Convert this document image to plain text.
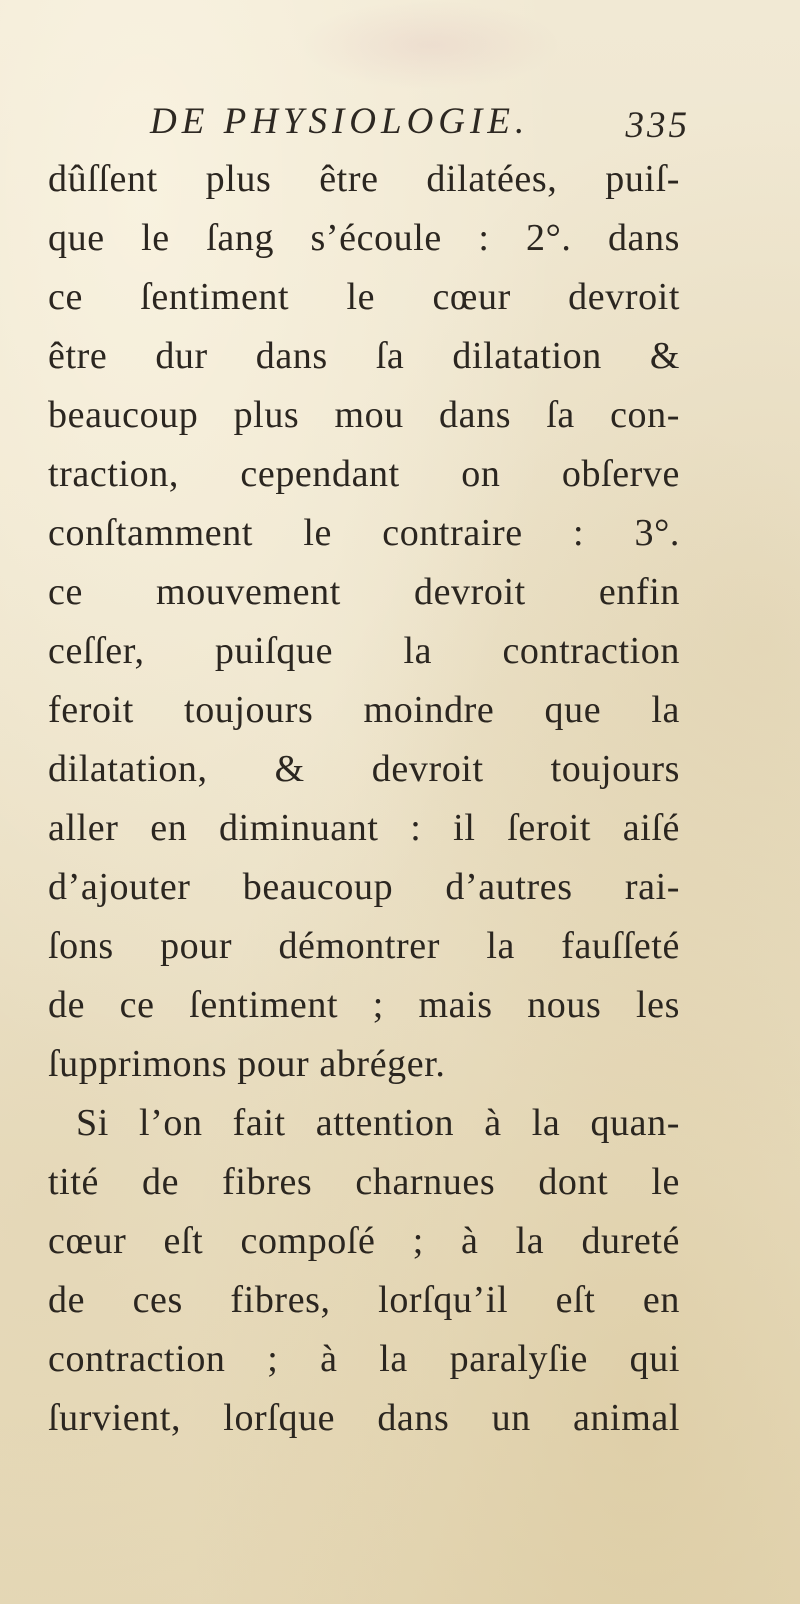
DE PHYSIOLOGIE.	335
dûſſent plus être dilatées, puiſ-
que le ſang s’écoule : 2°. dans
ce ſentiment le cœur devroit
être dur dans ſa dilatation &
beaucoup plus mou dans ſa con-
traction, cependant on obſerve
conſtamment le contraire : 3°.
ce mouvement devroit enfin
ceſſer, puiſque la contraction
feroit toujours moindre que la
dilatation, & devroit toujours
aller en diminuant : il ſeroit aiſé
d’ajouter beaucoup d’autres rai-
ſons pour démontrer la fauſſeté
de ce ſentiment ; mais nous les
ſupprimons pour abréger.
Si l’on fait attention à la quan-
tité de fibres charnues dont le
cœur eſt compoſé ; à la dureté
de ces fibres, lorſqu’il eſt en
contraction ; à la paralyſie qui
ſurvient, lorſque dans un animal
